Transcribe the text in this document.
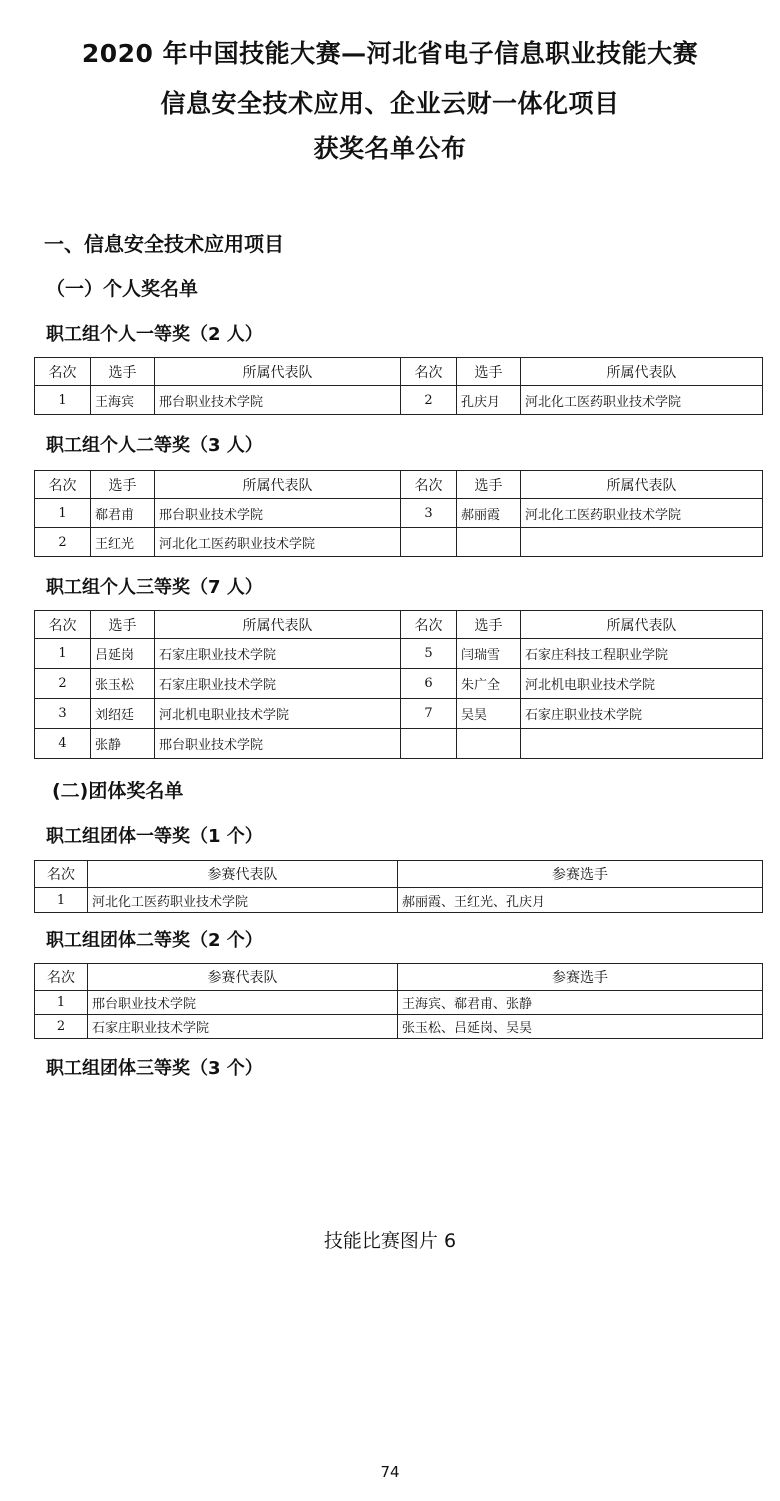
2020 年中国技能大赛—河北省电子信息职业技能大赛
信息安全技术应用、企业云财一体化项目
获奖名单公布
一、信息安全技术应用项目
（一）个人奖名单
职工组个人一等奖（2 人）
名次	选手	所属代表队	名次	选手	所属代表队
1	王海宾	邢台职业技术学院	2	孔庆月	河北化工医药职业技术学院
职工组个人二等奖（3 人）
名次	选手	所属代表队	名次	选手	所属代表队
1	郗君甫	邢台职业技术学院	3	郝丽霞	河北化工医药职业技术学院
2	王红光	河北化工医药职业技术学院			
职工组个人三等奖（7 人）
名次	选手	所属代表队	名次	选手	所属代表队
1	吕延岗	石家庄职业技术学院	5	闫瑞雪	石家庄科技工程职业学院
2	张玉松	石家庄职业技术学院	6	朱广全	河北机电职业技术学院
3	刘绍廷	河北机电职业技术学院	7	吴昊	石家庄职业技术学院
4	张静	邢台职业技术学院			
(二)团体奖名单
职工组团体一等奖（1 个）
名次	参赛代表队	参赛选手
1	河北化工医药职业技术学院	郝丽霞、王红光、孔庆月
职工组团体二等奖（2 个）
名次	参赛代表队	参赛选手
1	邢台职业技术学院	王海宾、郗君甫、张静
2	石家庄职业技术学院	张玉松、吕延岗、吴昊
职工组团体三等奖（3 个）
技能比赛图片 6
74
